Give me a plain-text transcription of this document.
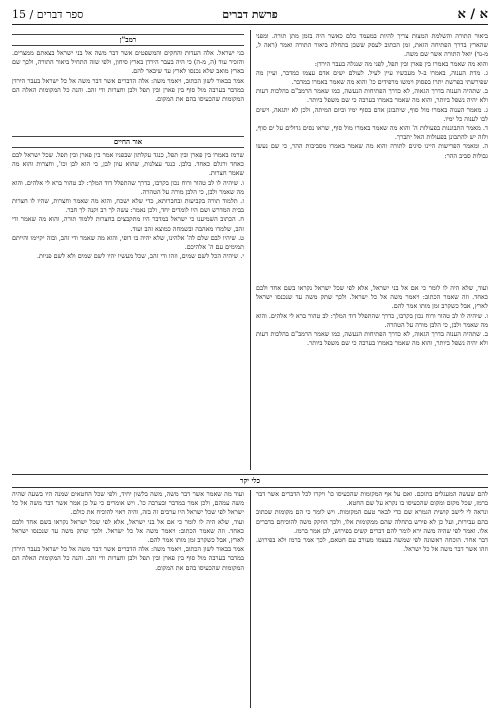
ספר דברים / 15	פרשת דברים	א / א

ביאור התורה והשלמת המצות צריך להיות במעמד כלם כאשר היה בזמן מתן תורה. ומפני שהארץ בדרך הפתיחה הזאת, זמן הכתוב לעסק ששכן בתחלת ביאור התורה ואמר (ראה ל, מ-נד) יואל התורה אשר שם משה.

והוא מה שאמר באמרו בין פארן ובין תפל, לפני מה שנגלה בעבר הירדן:

ג. מדת הענוה, באמרו ב-ל מעכשיו עיין לעיל. לעולם ישים אדם עצמו כמדבר, ועיין מה שפירשתי בפרשת יתרו בפסוק וימשו מרפידים כו' והוא מה שאמר באמרו במדבר.

ב. שתהיה הענוה בדרך הגאוה, לא כדרך הפתיחות הנעשה, כמו שאמר הרמב"ם בהלכות דעות ולא יהיה נשפל ביותר, והוא מה שאמר באמרו בערבה כי שם משפל ביותר.

ג. מאמר הענוה באמרו מול סוף, שיתבונן אדם בסוף ימיו וביום המיתה, ולכן לא יתגאה, וישים לבו לענוה כל ימיו.

ד. מאמר התבוננות בפעולות ה' והוא מה שאמר באמרו מול סוף, שראו נסים גדולים על ים סוף, ולזה יש להתבונן בפעולות האל יתברך.

ה. ומאמר הפרישות היינו סיגים לתורה והוא מה שאמר באמרו מסביבות ההר, כי שם נעשו גבולות סביב ההר:

רמב"ן

בני ישראל. אלה העדות והחקים והמשפטים אשר דבר משה אל בני ישראל בצאתם ממצרים. והזכיר עוד (ה, מ-ה) כי היה בעבר הירדן בארץ סיחון, ולפי שזה התחיל ביאור התורה, ולכך שם בארץ מואב שלא נכנסו לארץ עד שיבאר להם.

אמר בבאור לשון הכתוב, ויאמר משה: אלה הדברים אשר דבר משה אל כל ישראל בעבר הירדן במדבר בערבה מול סוף בין פארן ובין תפל ולבן וחצרות ודי זהב. והנה כל המקומות האלה הם המקומות שהכעיסו בהם את המקום.

אור החיים

שרמז באמרו בין פארן ובין תפל, כנגד עקלתון שבפניו אמר בין פארן ובין תפל. שכל ישראל לבם כאחד ורגלם כאחד. בלבן. כנגד עצלנות, שהוא עוון לבן, כי הוא לבן וכו', וחצרות והוא מה שאמר חצרות.

ו. שיהיה לו לב טהור ורוח נכון בקרבו, כדרך שהתפלל דוד המלך: לב טהור ברא לי אלהים. והוא מה שאמר ולבן, כי הלבן מורה על הטהרה.

ז. תלמוד תורה בקביעות ובחברותא, כדי שלא ישכח, והוא מה שאמר וחצרות, שהיו לו חצרות בבית המדרש ושם היו לומדים יחד, ולכן נאמר: עשה לך רב וקנה לך חבר.

ח. הכתוב השמיענו כי ישראל במדבר היו מתקבצים בחצרות ללמוד תורה, והוא מה שאמר ודי זהב, שלמדו מאהבה ובשמחה כמוצא זהב ועוד.

ט. שיהיו לבם שלם לה' אלהינו, שלא יהיה בו דופי, והוא מה שאמר ודי זהב, ובזה יקיימו והייתם תמימים עם ה' אלהיכם.

י. שיהיה הכל לשם שמים, וזהו ודי זהב, שכל מעשיו יהיו לשם שמים ולא לשם פניות.

ועוד, שלא היה לו לומר כי אם אל בני ישראל, אלא לפי שכל ישראל נקראו בשם אחד ולבם כאחד. וזה שאמר הכתוב: ויאמר משה אל כל ישראל. ולכך שתק משה עד שנכנסו ישראל לארץ, אבל כשקרב זמן מותו אמר להם.

ו. שיהיה לו לב טהור ורוח נכון בקרבו, כדרך שהתפלל דוד המלך: לב טהור ברא לי אלהים. והוא מה שאמר ולבן, כי הלבן מורה על הטהרה.

ב. שתהיה הענוה בדרך הגאוה, לא כדרך הפתיחות הנעשה, כמו שאמר הרמב"ם בהלכות דעות ולא יהיה נשפל ביותר, והוא מה שאמר באמרו בערבה כי שם משפל ביותר.

כלי יקר

להם שעשה המעגלים בתוכם. ואם על אף המקומות שהכעיסו כו' ויקרו לכל הדברים אשר דבר ברמז, שכל מקום ומקום שהכעיסו בו נקרא על שם החטא.

ונראה לי לישב קושית הגמרא שם כדי לבאר טעם המקומות. ויש לומר כי הם מקומות שכתוב בהם עבירות, ועל כן לא פירש בתחלה שהם ממקומות אלו, ולכך הוזקק משה להוכיחם בדברים אלו. ואמר לפי שהיה משה ירא לומר להם דברים קשים בפירוש, לכן אמר ברמז.

דבר אחר. הוכחה ראשונה לפי שמשה בעצמו מעורב עם חטאם, לכך אמר ברמז ולא בפירוש. וזהו אשר דבר משה אל כל ישראל.

ועוד מה שאמר אשר דבר משה, משה בלשון יחיד, ולפי שכל החטאים שמנה היו בשעה שהיה משה עמהם, ולכן אמר במדבר ובערבה כו'. ויש אומרים כי על כן אמר אשר דבר משה אל כל ישראל לפי שכל ישראל היו ערבים זה בזה, והיה ראוי להוכיח את כולם.

ועוד, שלא היה לו לומר כי אם אל בני ישראל, אלא לפי שכל ישראל נקראו בשם אחד ולבם כאחד. וזה שאמר הכתוב: ויאמר משה אל כל ישראל. ולכך שתק משה עד שנכנסו ישראל לארץ, אבל כשקרב זמן מותו אמר להם.

אמר בבאור לשון הכתוב, ויאמר משה: אלה הדברים אשר דבר משה אל כל ישראל בעבר הירדן במדבר בערבה מול סוף בין פארן ובין תפל ולבן וחצרות ודי זהב. והנה כל המקומות האלה הם המקומות שהכעיסו בהם את המקום.
